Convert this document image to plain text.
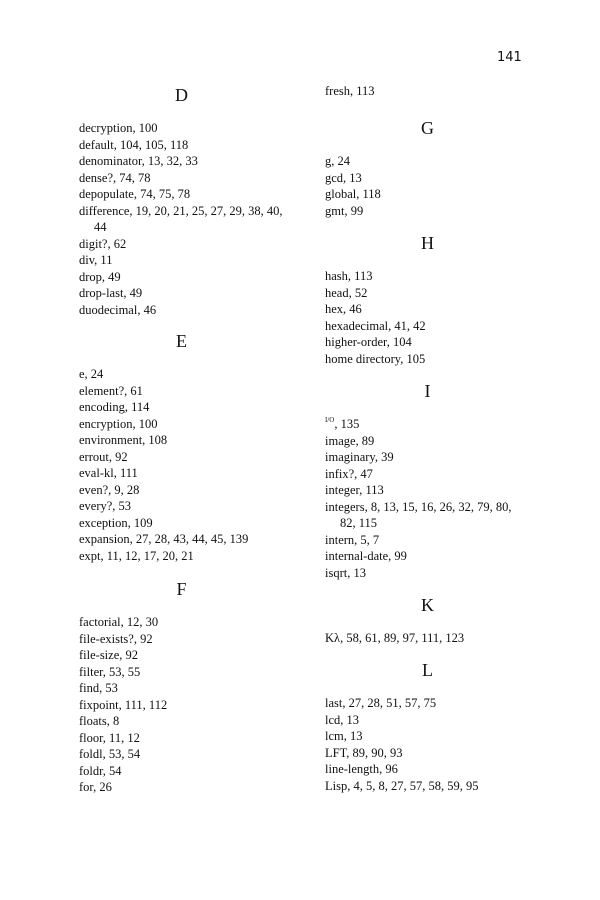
141
D
decryption, 100
default, 104, 105, 118
denominator, 13, 32, 33
dense?, 74, 78
depopulate, 74, 75, 78
difference, 19, 20, 21, 25, 27, 29, 38, 40, 44
digit?, 62
div, 11
drop, 49
drop-last, 49
duodecimal, 46
E
e, 24
element?, 61
encoding, 114
encryption, 100
environment, 108
errout, 92
eval-kl, 111
even?, 9, 28
every?, 53
exception, 109
expansion, 27, 28, 43, 44, 45, 139
expt, 11, 12, 17, 20, 21
F
factorial, 12, 30
file-exists?, 92
file-size, 92
filter, 53, 55
find, 53
fixpoint, 111, 112
floats, 8
floor, 11, 12
foldl, 53, 54
foldr, 54
for, 26
fresh, 113
G
g, 24
gcd, 13
global, 118
gmt, 99
H
hash, 113
head, 52
hex, 46
hexadecimal, 41, 42
higher-order, 104
home directory, 105
I
$^{I/O}$, 135
image, 89
imaginary, 39
infix?, 47
integer, 113
integers, 8, 13, 15, 16, 26, 32, 79, 80, 82, 115
intern, 5, 7
internal-date, 99
isqrt, 13
K
Kλ, 58, 61, 89, 97, 111, 123
L
last, 27, 28, 51, 57, 75
lcd, 13
lcm, 13
LFT, 89, 90, 93
line-length, 96
Lisp, 4, 5, 8, 27, 57, 58, 59, 95
